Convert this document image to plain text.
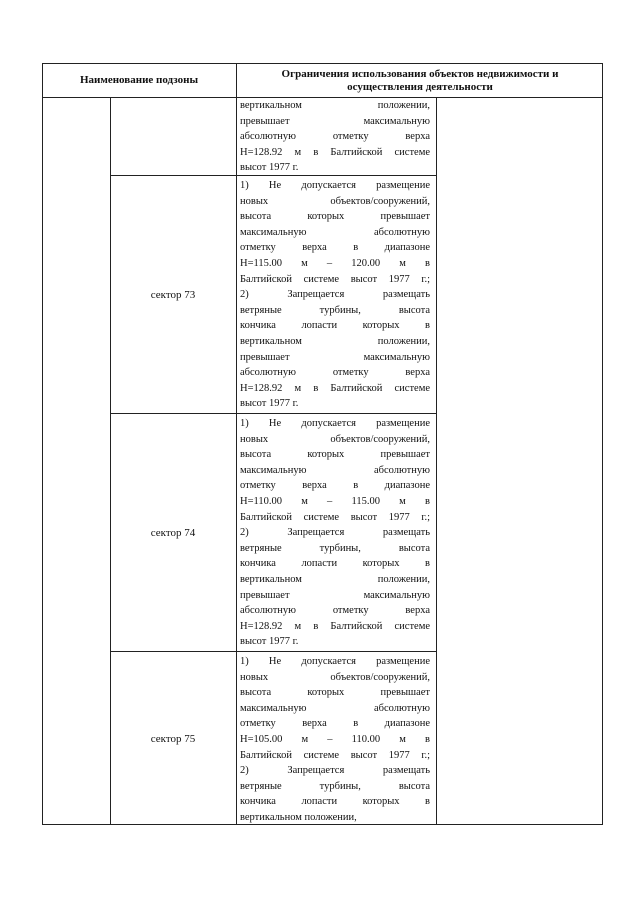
Наименование подзоны	Ограничения использования объектов недвижимости и осуществления деятельности
сектор 73
сектор 74
сектор 75
вертикальном положении,
превышает максимальную
абсолютную отметку верха
Н=128.92 м в Балтийской системе
высот 1977 г.
1) Не допускается размещение
новых объектов/сооружений,
высота которых превышает
максимальную абсолютную
отметку верха в диапазоне
Н=115.00 м – 120.00 м в
Балтийской системе высот 1977 г.;
2) Запрещается размещать
ветряные турбины, высота
кончика лопасти которых в
вертикальном положении,
превышает максимальную
абсолютную отметку верха
Н=128.92 м в Балтийской системе
высот 1977 г.
1) Не допускается размещение
новых объектов/сооружений,
высота которых превышает
максимальную абсолютную
отметку верха в диапазоне
Н=110.00 м – 115.00 м в
Балтийской системе высот 1977 г.;
2) Запрещается размещать
ветряные турбины, высота
кончика лопасти которых в
вертикальном положении,
превышает максимальную
абсолютную отметку верха
Н=128.92 м в Балтийской системе
высот 1977 г.
1) Не допускается размещение
новых объектов/сооружений,
высота которых превышает
максимальную абсолютную
отметку верха в диапазоне
Н=105.00 м – 110.00 м в
Балтийской системе высот 1977 г.;
2) Запрещается размещать
ветряные турбины, высота
кончика лопасти которых в
вертикальном положении,
